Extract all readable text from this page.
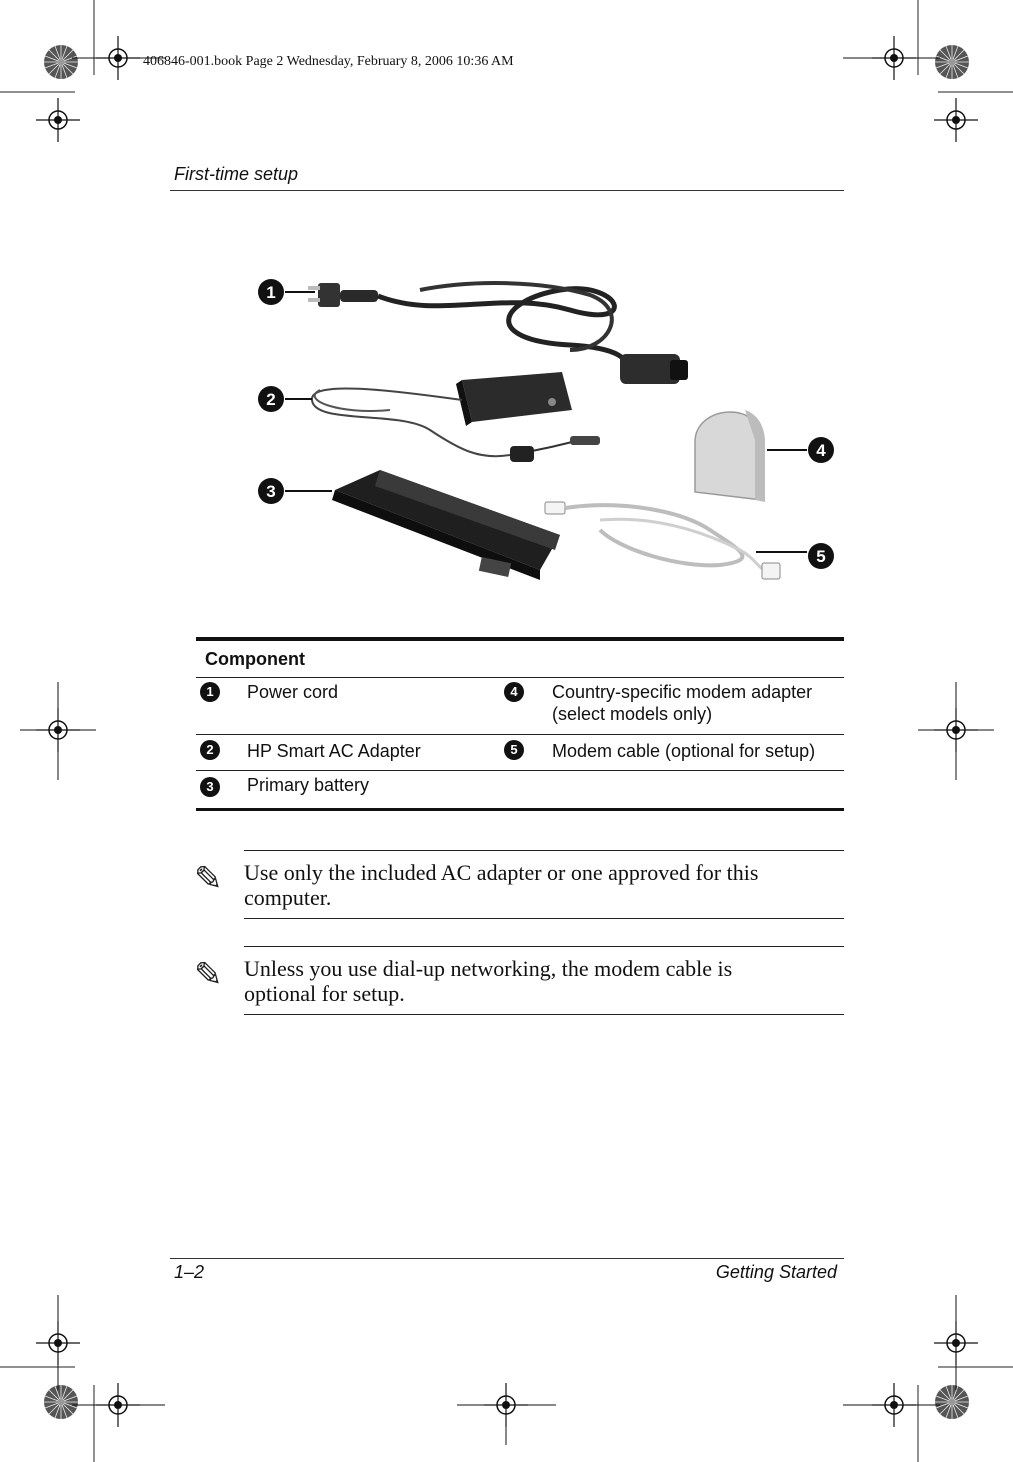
406846-001.book Page 2 Wednesday, February 8, 2006 10:36 AM
First-time setup
1
2
3
4
5
Component
1	Power cord	4	Country-specific modem adapter
(select models only)
2	HP Smart AC Adapter	5	Modem cable (optional for setup)
3	Primary battery
✎ Use only the included AC adapter or one approved for this
computer.
✎ Unless you use dial-up networking, the modem cable is
optional for setup.
1–2	Getting Started
